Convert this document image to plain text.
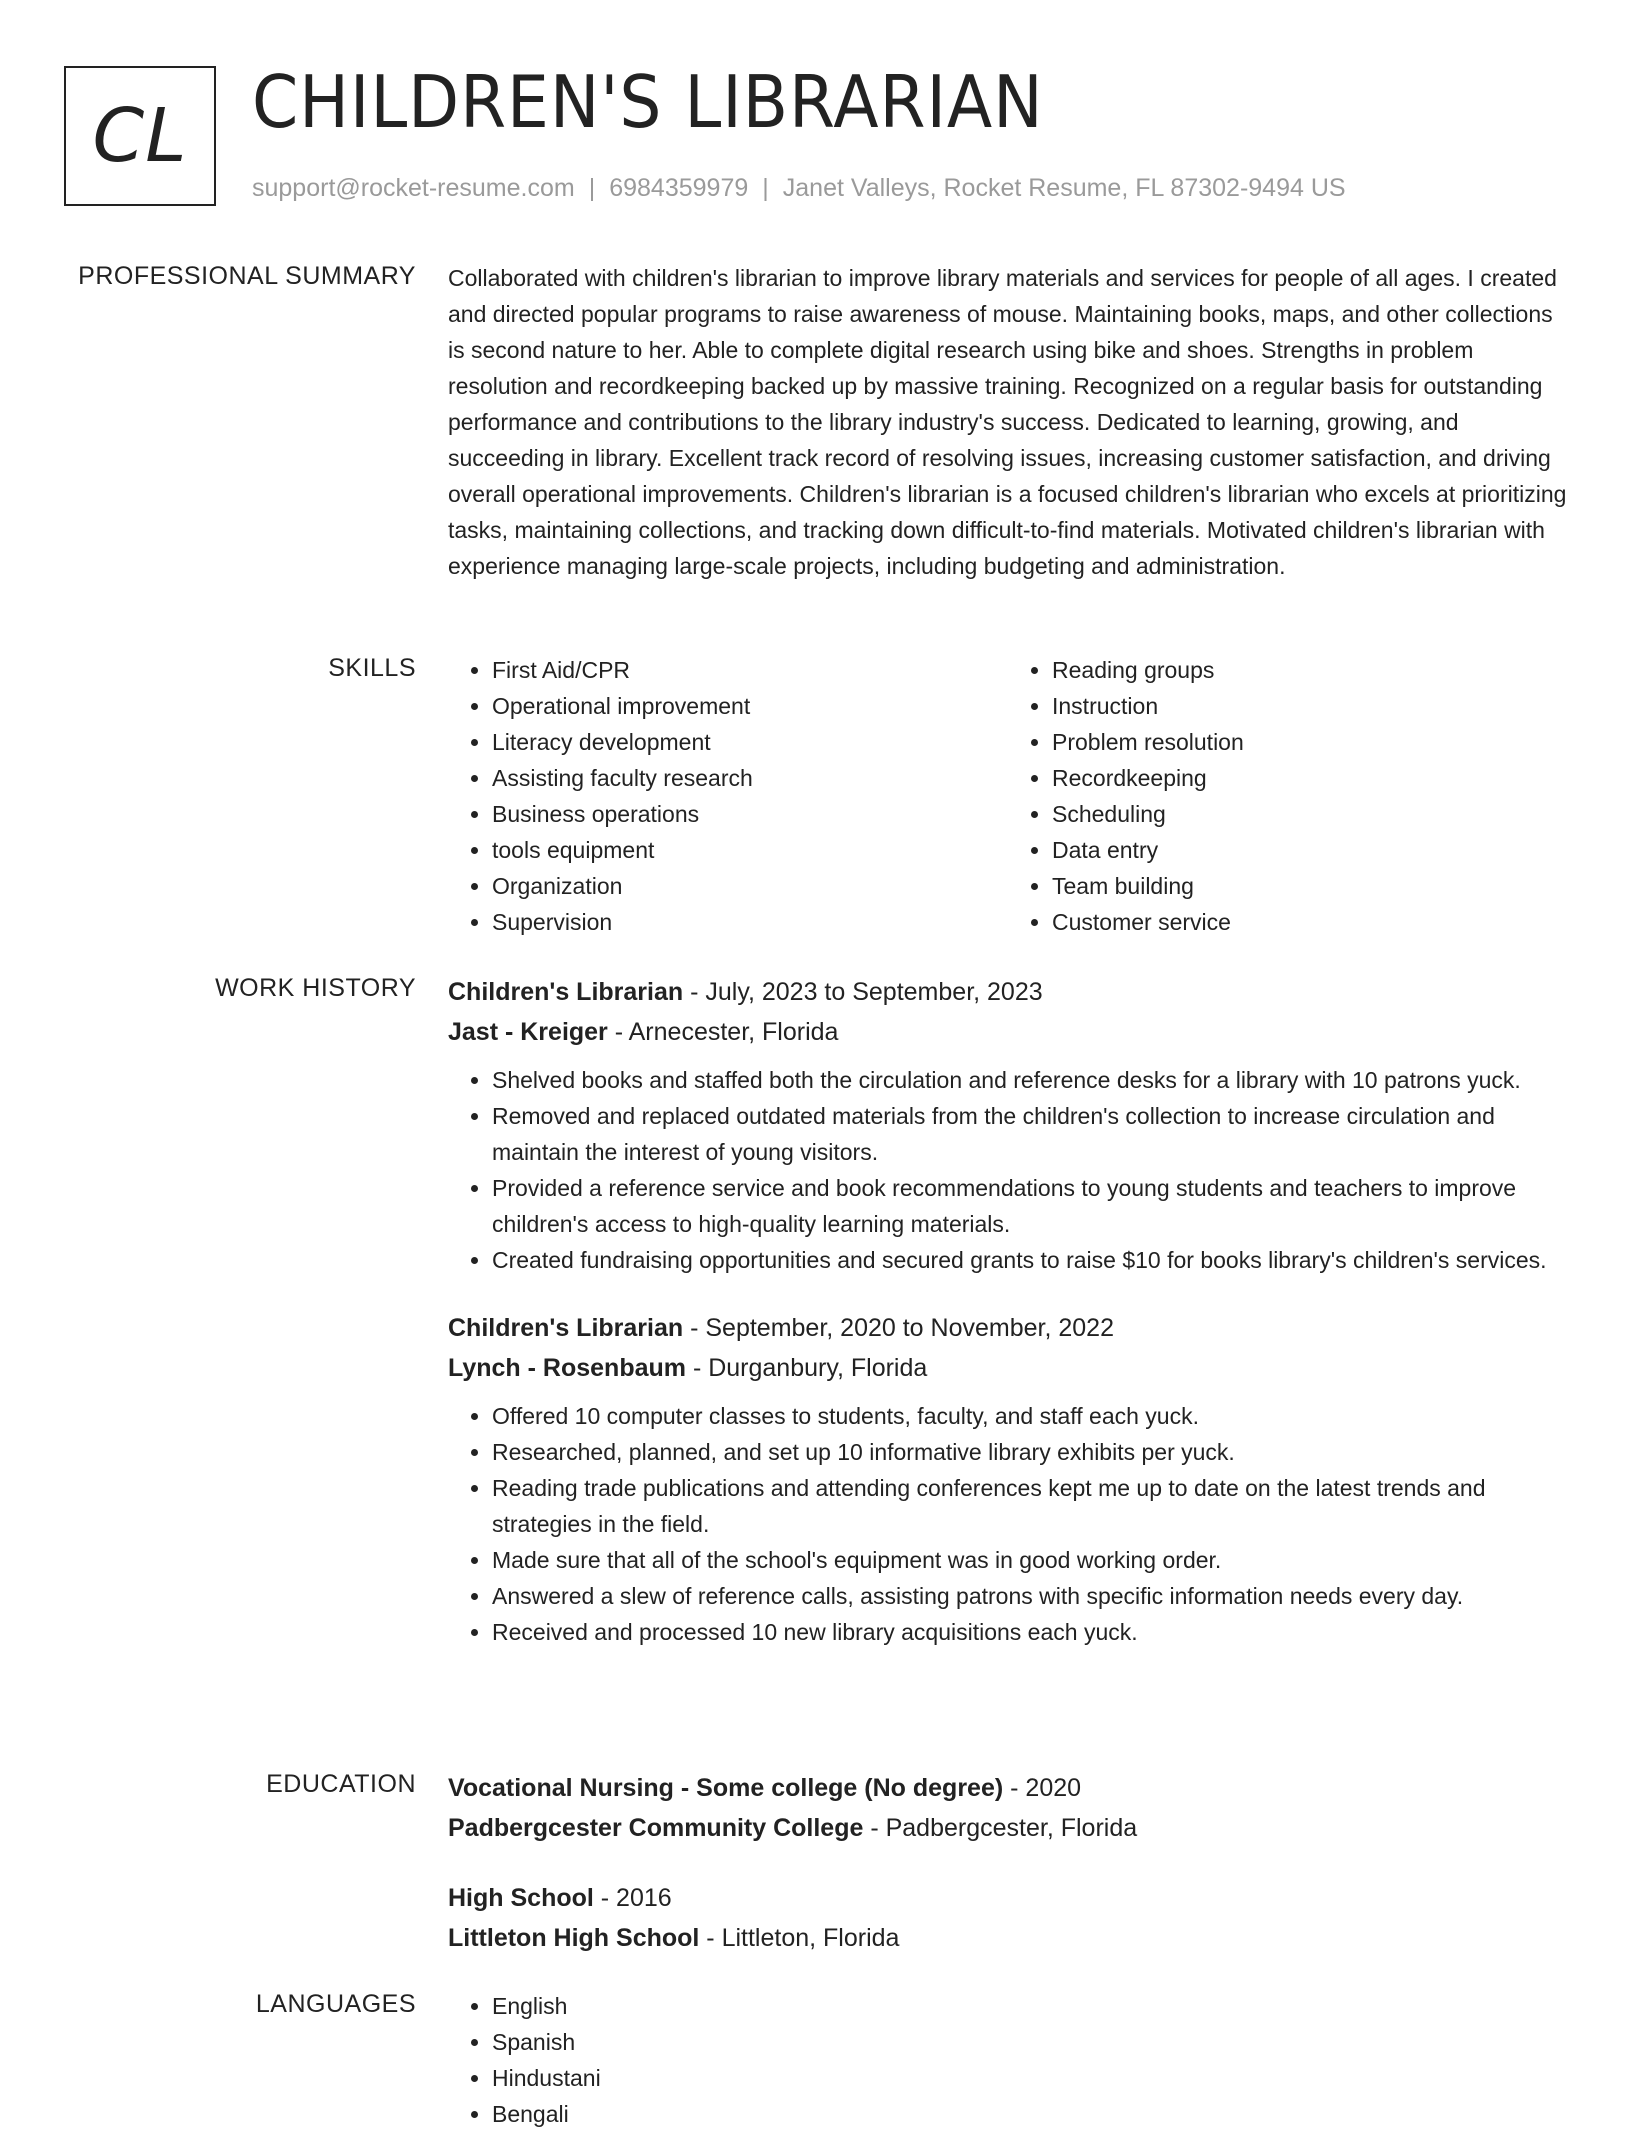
CL CHILDREN'S LIBRARIAN
support@rocket-resume.com | 6984359979 | Janet Valleys, Rocket Resume, FL 87302-9494 US
PROFESSIONAL SUMMARY Collaborated with children's librarian to improve library materials and services for people of all ages. I created and directed popular programs to raise awareness of mouse. Maintaining books, maps, and other collections is second nature to her. Able to complete digital research using bike and shoes. Strengths in problem resolution and recordkeeping backed up by massive training. Recognized on a regular basis for outstanding performance and contributions to the library industry's success. Dedicated to learning, growing, and succeeding in library. Excellent track record of resolving issues, increasing customer satisfaction, and driving overall operational improvements. Children's librarian is a focused children's librarian who excels at prioritizing tasks, maintaining collections, and tracking down difficult-to-find materials. Motivated children's librarian with experience managing large-scale projects, including budgeting and administration.

SKILLS	• First Aid/CPR
• Operational improvement
• Literacy development
• Assisting faculty research
• Business operations
• tools equipment
• Organization
• Supervision
• Reading groups
• Instruction
• Problem resolution
• Recordkeeping
• Scheduling
• Data entry
• Team building
• Customer service
WORK HISTORY Children's Librarian - July, 2023 to September, 2023
Jast - Kreiger - Arnecester, Florida
• Shelved books and staffed both the circulation and reference desks for a library with 10 patrons yuck.
• Removed and replaced outdated materials from the children's collection to increase circulation and maintain the interest of young visitors.
• Provided a reference service and book recommendations to young students and teachers to improve children's access to high-quality learning materials.
• Created fundraising opportunities and secured grants to raise $10 for books library's children's services.
Children's Librarian - September, 2020 to November, 2022
Lynch - Rosenbaum - Durganbury, Florida
• Offered 10 computer classes to students, faculty, and staff each yuck.
• Researched, planned, and set up 10 informative library exhibits per yuck.
• Reading trade publications and attending conferences kept me up to date on the latest trends and strategies in the field.
• Made sure that all of the school's equipment was in good working order.
• Answered a slew of reference calls, assisting patrons with specific information needs every day.
• Received and processed 10 new library acquisitions each yuck.
EDUCATION Vocational Nursing - Some college (No degree) - 2020
Padbergcester Community College - Padbergcester, Florida
High School - 2016
Littleton High School - Littleton, Florida
LANGUAGES	• English
• Spanish
• Hindustani
• Bengali
